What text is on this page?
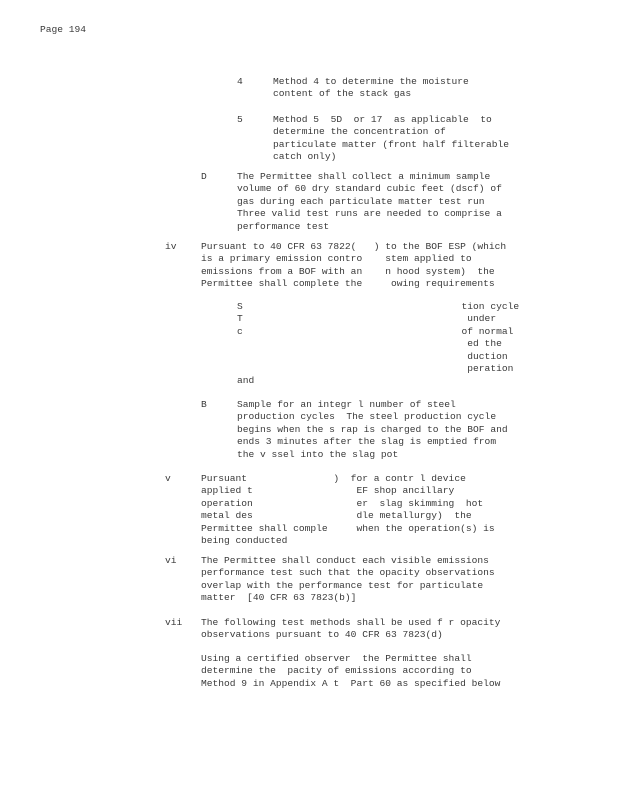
Page 194
4	Method 4 to determine the moisture
content of the stack gas
5	Method 5  5D  or 17  as applicable  to
determine the concentration of
particulate matter (front half filterable
catch only)
D	The Permittee shall collect a minimum sample
volume of 60 dry standard cubic feet (dscf) of
gas during each particulate matter test run
Three valid test runs are needed to comprise a
performance test
iv	Pursuant to 40 CFR 63 7822(   ) to the BOF ESP (which
is a primary emission contro    stem applied to
emissions from a BOF with an    n hood system)  the
Permittee shall complete the     owing requirements
S                                      tion cycle
T                                       under
c                                      of normal
ed the
duction
peration
and
B	Sample for an integr l number of steel
production cycles  The steel production cycle
begins when the s rap is charged to the BOF and
ends 3 minutes after the slag is emptied from
the v ssel into the slag pot
v	Pursuant               )  for a contr l device
applied t                  EF shop ancillary
operation                  er  slag skimming  hot
metal des                  dle metallurgy)  the
Permittee shall comple     when the operation(s) is
being conducted
vi	The Permittee shall conduct each visible emissions
performance test such that the opacity observations
overlap with the performance test for particulate
matter  [40 CFR 63 7823(b)]
vii The following test methods shall be used f r opacity
observations pursuant to 40 CFR 63 7823(d)
Using a certified observer  the Permittee shall
determine the  pacity of emissions according to
Method 9 in Appendix A t  Part 60 as specified below
